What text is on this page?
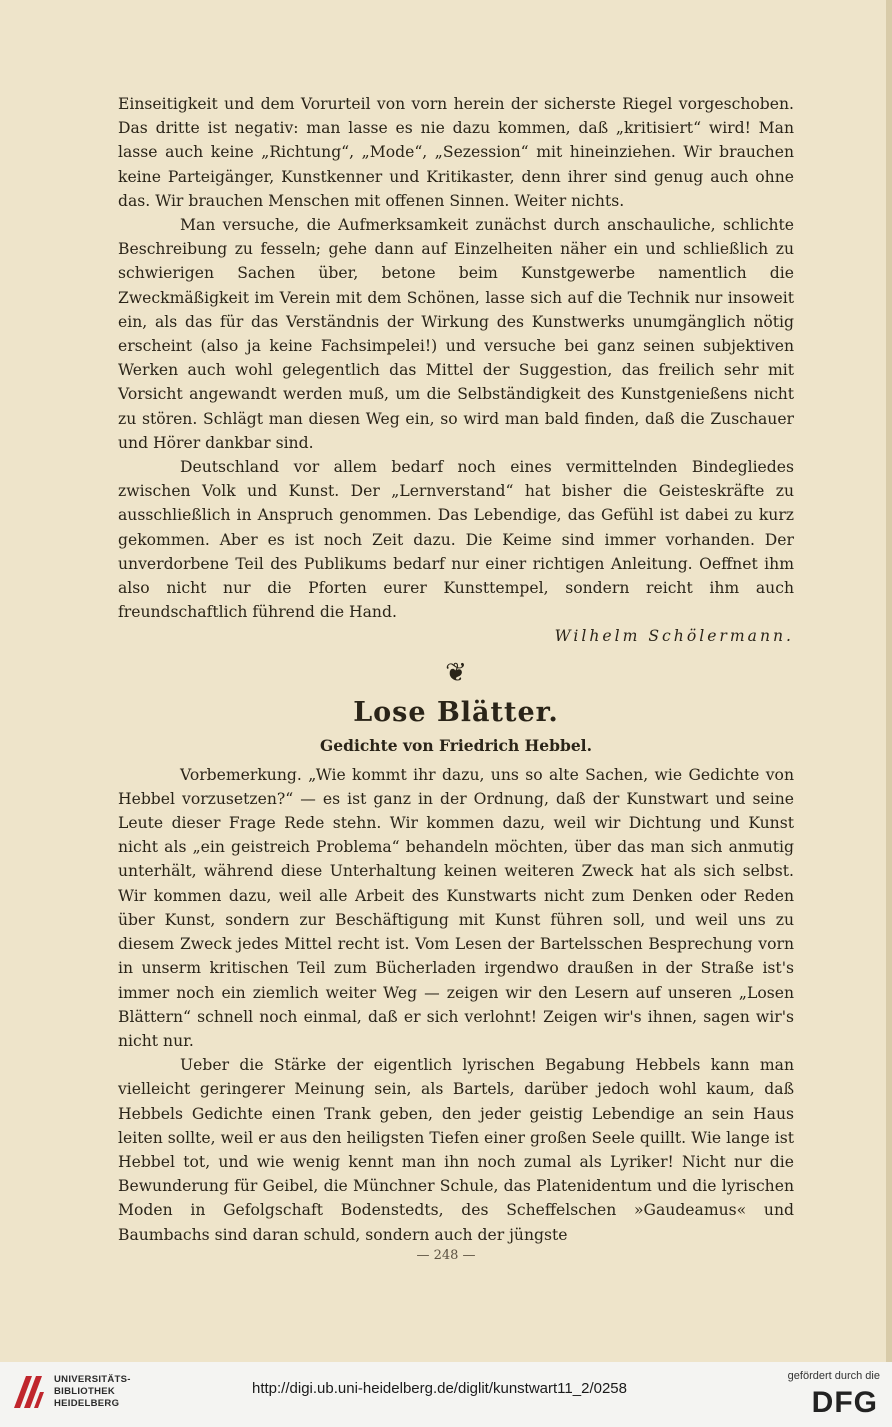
Einseitigkeit und dem Vorurteil von vorn herein der sicherste Riegel vorgeschoben. Das dritte ist negativ: man lasse es nie dazu kommen, daß „kritisiert“ wird! Man lasse auch keine „Richtung“, „Mode“, „Sezession“ mit hineinziehen. Wir brauchen keine Parteigänger, Kunstkenner und Kritikaster, denn ihrer sind genug auch ohne das. Wir brauchen Menschen mit offenen Sinnen. Weiter nichts.

Man versuche, die Aufmerksamkeit zunächst durch anschauliche, schlichte Beschreibung zu fesseln; gehe dann auf Einzelheiten näher ein und schließlich zu schwierigen Sachen über, betone beim Kunstgewerbe namentlich die Zweckmäßigkeit im Verein mit dem Schönen, lasse sich auf die Technik nur insoweit ein, als das für das Verständnis der Wirkung des Kunstwerks unumgänglich nötig erscheint (also ja keine Fachsimpelei!) und versuche bei ganz seinen subjektiven Werken auch wohl gelegentlich das Mittel der Suggestion, das freilich sehr mit Vorsicht angewandt werden muß, um die Selbständigkeit des Kunstgenießens nicht zu stören. Schlägt man diesen Weg ein, so wird man bald finden, daß die Zuschauer und Hörer dankbar sind.

Deutschland vor allem bedarf noch eines vermittelnden Bindegliedes zwischen Volk und Kunst. Der „Lernverstand“ hat bisher die Geisteskräfte zu ausschließlich in Anspruch genommen. Das Lebendige, das Gefühl ist dabei zu kurz gekommen. Aber es ist noch Zeit dazu. Die Keime sind immer vorhanden. Der unverdorbene Teil des Publikums bedarf nur einer richtigen Anleitung. Oeffnet ihm also nicht nur die Pforten eurer Kunsttempel, sondern reicht ihm auch freundschaftlich führend die Hand.

Wilhelm Schölermann.

❦
Lose Blätter.
Gedichte von Friedrich Hebbel.

Vorbemerkung. „Wie kommt ihr dazu, uns so alte Sachen, wie Gedichte von Hebbel vorzusetzen?“ — es ist ganz in der Ordnung, daß der Kunstwart und seine Leute dieser Frage Rede stehn. Wir kommen dazu, weil wir Dichtung und Kunst nicht als „ein geistreich Problema“ behandeln möchten, über das man sich anmutig unterhält, während diese Unterhaltung keinen weiteren Zweck hat als sich selbst. Wir kommen dazu, weil alle Arbeit des Kunstwarts nicht zum Denken oder Reden über Kunst, sondern zur Beschäftigung mit Kunst führen soll, und weil uns zu diesem Zweck jedes Mittel recht ist. Vom Lesen der Bartelsschen Besprechung vorn in unserm kritischen Teil zum Bücherladen irgendwo draußen in der Straße ist's immer noch ein ziemlich weiter Weg — zeigen wir den Lesern auf unseren „Losen Blättern“ schnell noch einmal, daß er sich verlohnt! Zeigen wir's ihnen, sagen wir's nicht nur.

Ueber die Stärke der eigentlich lyrischen Begabung Hebbels kann man vielleicht geringerer Meinung sein, als Bartels, darüber jedoch wohl kaum, daß Hebbels Gedichte einen Trank geben, den jeder geistig Lebendige an sein Haus leiten sollte, weil er aus den heiligsten Tiefen einer großen Seele quillt. Wie lange ist Hebbel tot, und wie wenig kennt man ihn noch zumal als Lyriker! Nicht nur die Bewunderung für Geibel, die Münchner Schule, das Platenidentum und die lyrischen Moden in Gefolgschaft Bodenstedts, des Scheffelschen »Gaudeamus« und Baumbachs sind daran schuld, sondern auch der jüngste

— 248 —
UNIVERSITÄTS-
BIBLIOTHEK
HEIDELBERG
http://digi.ub.uni-heidelberg.de/diglit/kunstwart11_2/0258
gefördert durch die
DFG
